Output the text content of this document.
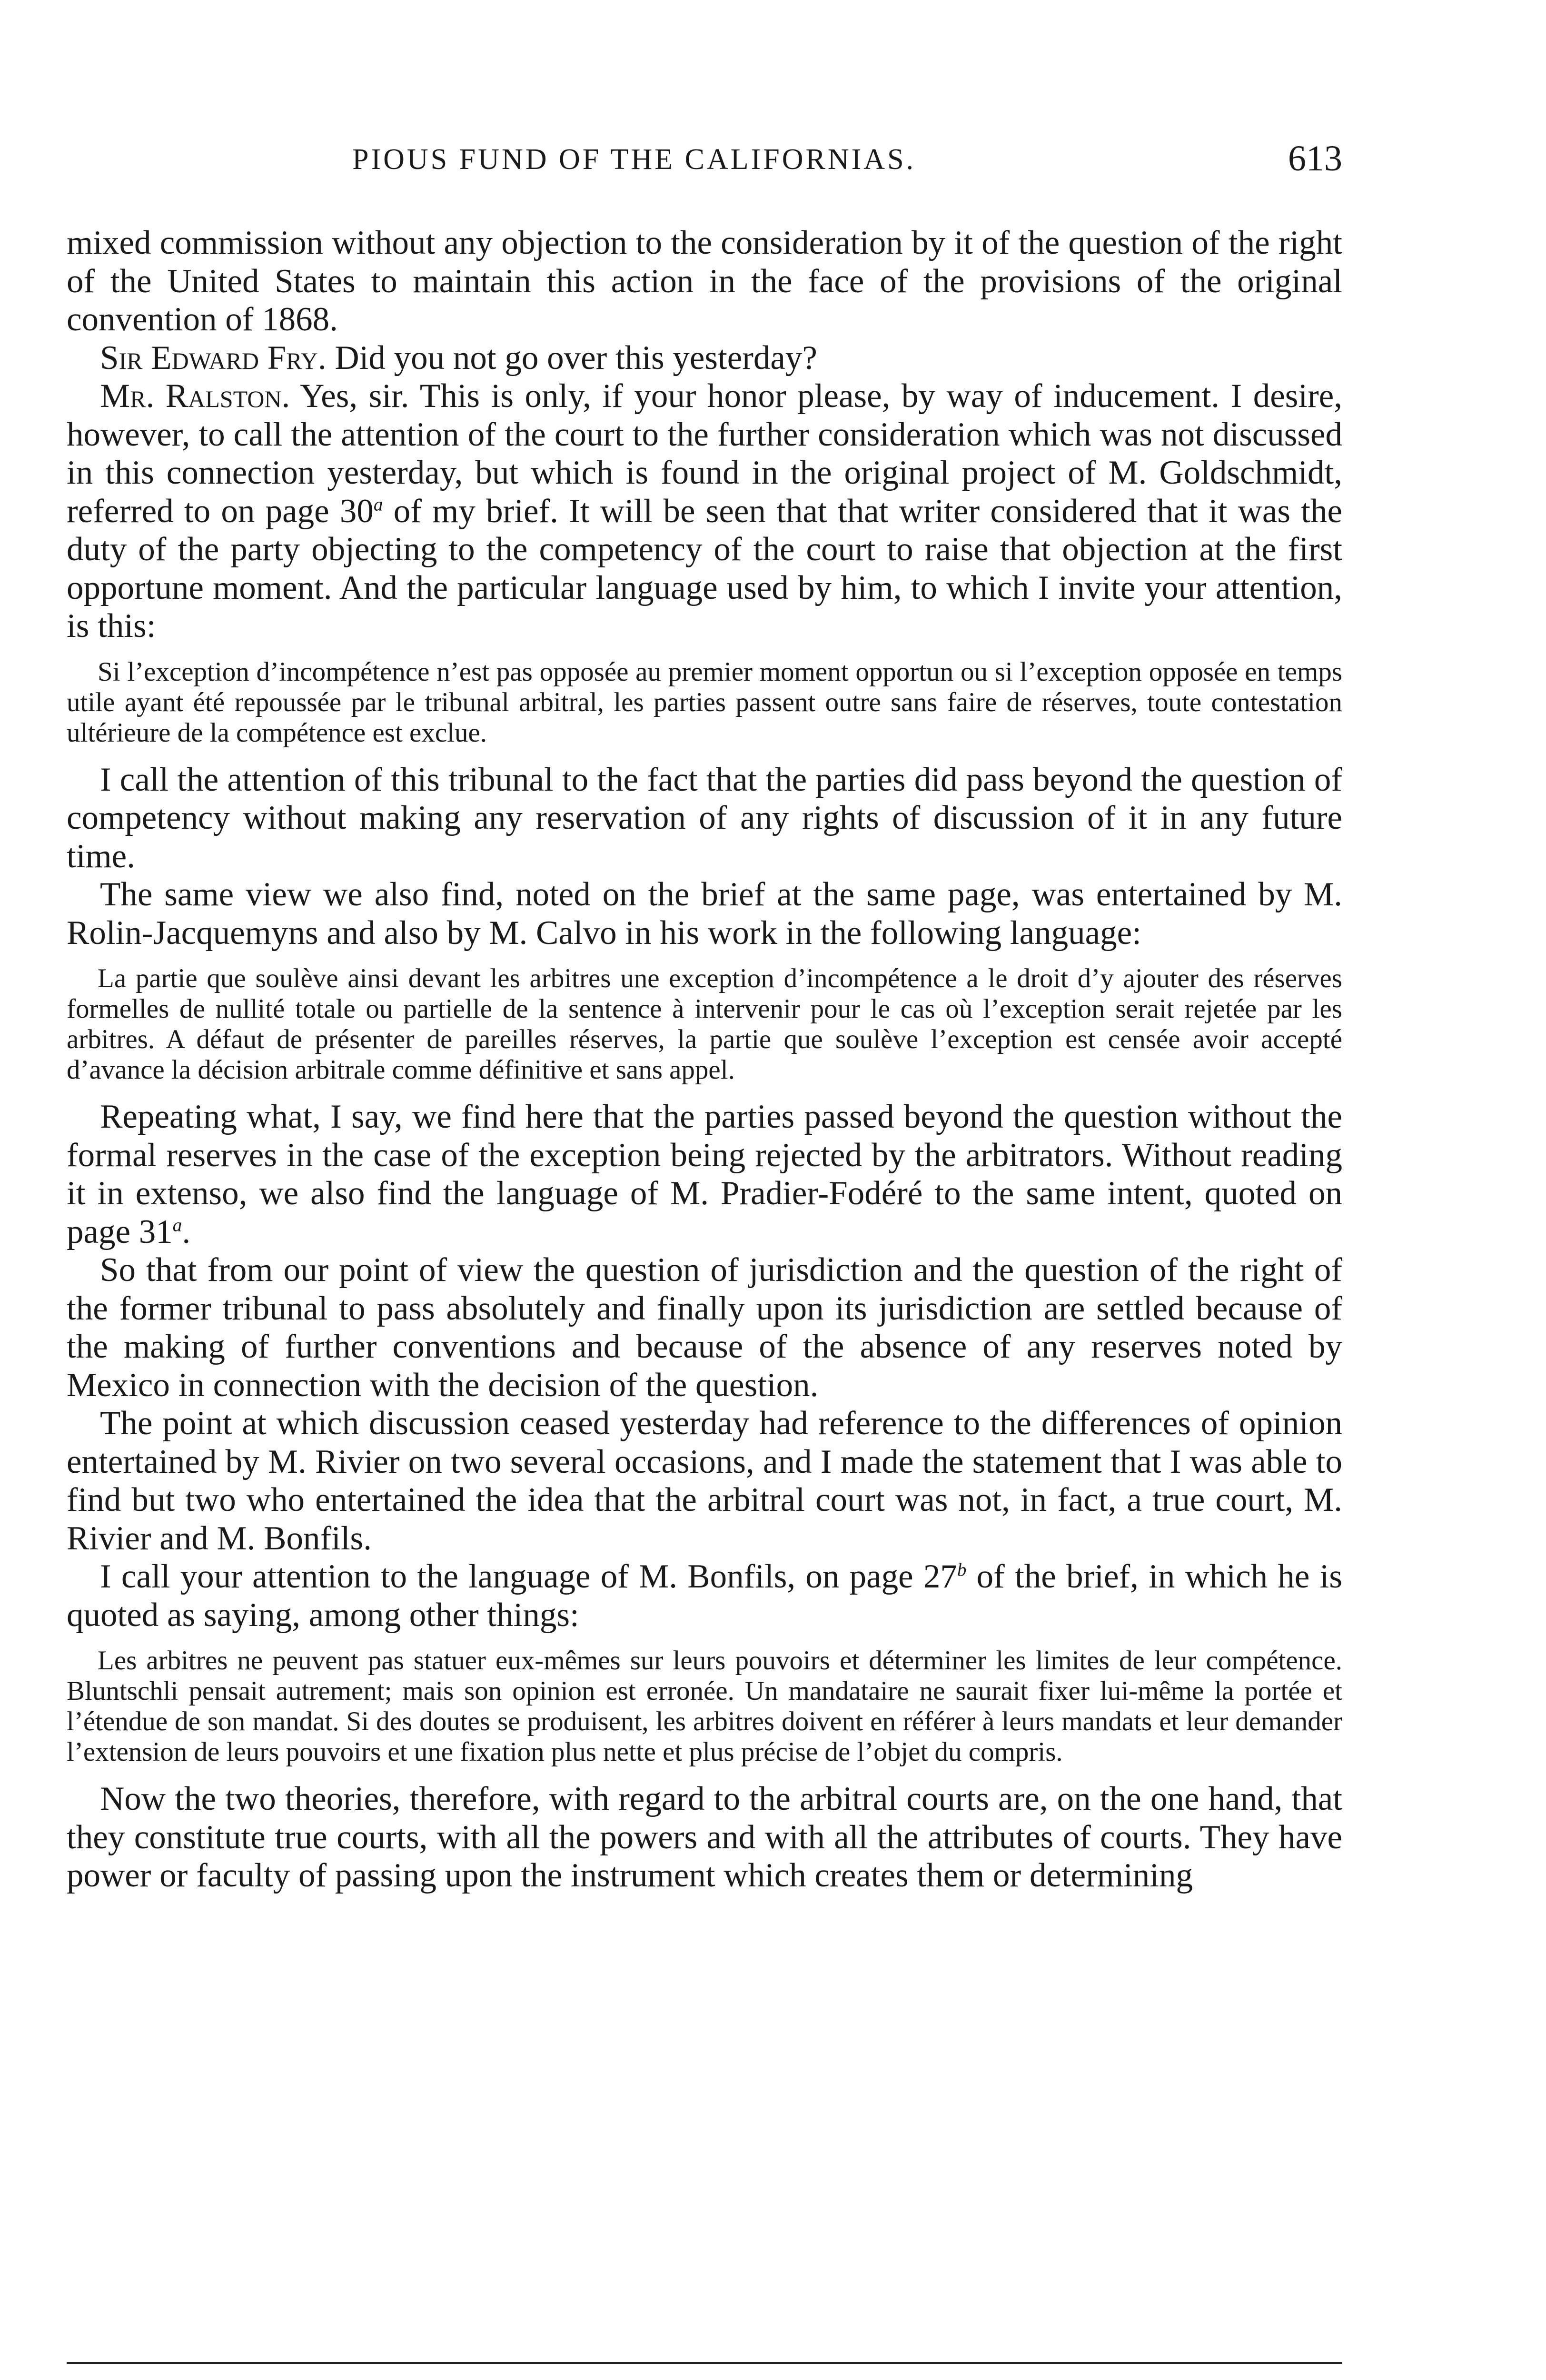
PIOUS FUND OF THE CALIFORNIAS.	613

mixed commission without any objection to the consideration by it of the question of the right of the United States to maintain this action in the face of the provisions of the original convention of 1868.

Sir Edward Fry. Did you not go over this yesterday?

Mr. Ralston. Yes, sir. This is only, if your honor please, by way of inducement. I desire, however, to call the attention of the court to the further consideration which was not discussed in this connection yesterday, but which is found in the original project of M. Goldschmidt, referred to on page 30$^a$ of my brief. It will be seen that that writer considered that it was the duty of the party objecting to the competency of the court to raise that objection at the first opportune moment. And the particular language used by him, to which I invite your attention, is this:

Si l’exception d’incompétence n’est pas opposée au premier moment opportun ou si l’exception opposée en temps utile ayant été repoussée par le tribunal arbitral, les parties passent outre sans faire de réserves, toute contestation ultérieure de la compétence est exclue.

I call the attention of this tribunal to the fact that the parties did pass beyond the question of competency without making any reservation of any rights of discussion of it in any future time.

The same view we also find, noted on the brief at the same page, was entertained by M. Rolin-Jacquemyns and also by M. Calvo in his work in the following language:

La partie que soulève ainsi devant les arbitres une exception d’incompétence a le droit d’y ajouter des réserves formelles de nullité totale ou partielle de la sentence à intervenir pour le cas où l’exception serait rejetée par les arbitres. A défaut de présenter de pareilles réserves, la partie que soulève l’exception est censée avoir accepté d’avance la décision arbitrale comme définitive et sans appel.

Repeating what, I say, we find here that the parties passed beyond the question without the formal reserves in the case of the exception being rejected by the arbitrators. Without reading it in extenso, we also find the language of M. Pradier-Fodéré to the same intent, quoted on page 31$^a$.

So that from our point of view the question of jurisdiction and the question of the right of the former tribunal to pass absolutely and finally upon its jurisdiction are settled because of the making of further conventions and because of the absence of any reserves noted by Mexico in connection with the decision of the question.

The point at which discussion ceased yesterday had reference to the differences of opinion entertained by M. Rivier on two several occasions, and I made the statement that I was able to find but two who entertained the idea that the arbitral court was not, in fact, a true court, M. Rivier and M. Bonfils.

I call your attention to the language of M. Bonfils, on page 27$^b$ of the brief, in which he is quoted as saying, among other things:

Les arbitres ne peuvent pas statuer eux-mêmes sur leurs pouvoirs et déterminer les limites de leur compétence. Bluntschli pensait autrement; mais son opinion est erronée. Un mandataire ne saurait fixer lui-même la portée et l’étendue de son mandat. Si des doutes se produisent, les arbitres doivent en référer à leurs mandats et leur demander l’extension de leurs pouvoirs et une fixation plus nette et plus précise de l’objet du compris.

Now the two theories, therefore, with regard to the arbitral courts are, on the one hand, that they constitute true courts, with all the powers and with all the attributes of courts. They have power or faculty of passing upon the instrument which creates them or determining
